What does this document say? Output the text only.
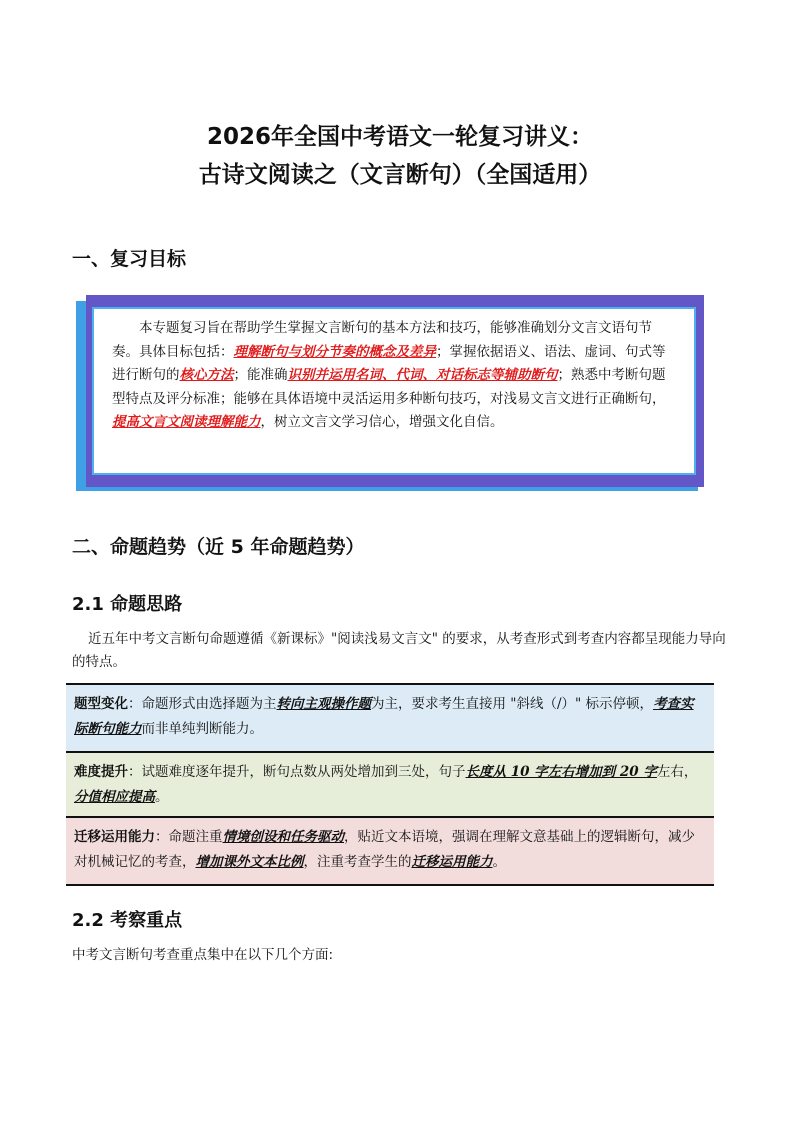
2026年全国中考语文一轮复习讲义：
古诗文阅读之（文言断句）（全国适用）
一、复习目标
本专题复习旨在帮助学生掌握文言断句的基本方法和技巧，能够准确划分文言文语句节奏。具体目标包括：理解断句与划分节奏的概念及差异；掌握依据语义、语法、虚词、句式等进行断句的核心方法；能准确识别并运用名词、代词、对话标志等辅助断句；熟悉中考断句题型特点及评分标准；能够在具体语境中灵活运用多种断句技巧，对浅易文言文进行正确断句，提高文言文阅读理解能力，树立文言文学习信心，增强文化自信。
二、命题趋势（近 5 年命题趋势）
2.1 命题思路
近五年中考文言断句命题遵循《新课标》"阅读浅易文言文" 的要求，从考查形式到考查内容都呈现能力导向的特点。
题型变化：命题形式由选择题为主转向主观操作题为主，要求考生直接用 "斜线（/）" 标示停顿，考查实际断句能力而非单纯判断能力。
难度提升：试题难度逐年提升，断句点数从两处增加到三处，句子长度从 10 字左右增加到 20 字左右，分值相应提高。
迁移运用能力：命题注重情境创设和任务驱动，贴近文本语境，强调在理解文意基础上的逻辑断句，减少对机械记忆的考查，增加课外文本比例，注重考查学生的迁移运用能力。
2.2 考察重点
中考文言断句考查重点集中在以下几个方面:
